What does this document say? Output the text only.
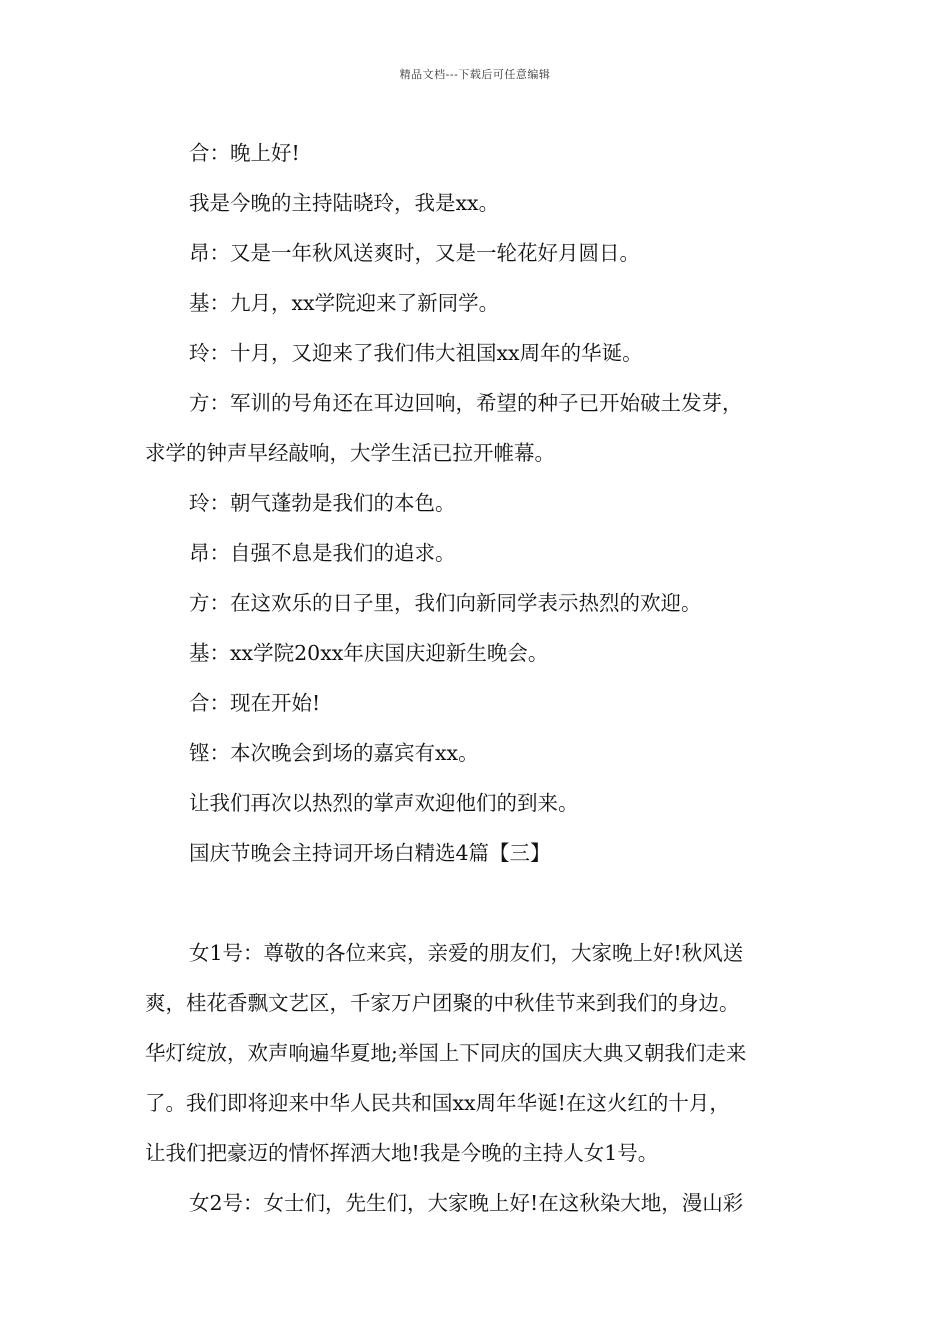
精品文档---下载后可任意编辑
合：晚上好!
我是今晚的主持陆晓玲，我是xx。
昂：又是一年秋风送爽时，又是一轮花好月圆日。
基：九月，xx学院迎来了新同学。
玲：十月，又迎来了我们伟大祖国xx周年的华诞。
方：军训的号角还在耳边回响，希望的种子已开始破土发芽，
求学的钟声早经敲响，大学生活已拉开帷幕。
玲：朝气蓬勃是我们的本色。
昂：自强不息是我们的追求。
方：在这欢乐的日子里，我们向新同学表示热烈的欢迎。
基：xx学院20xx年庆国庆迎新生晚会。
合：现在开始!
铿：本次晚会到场的嘉宾有xx。
让我们再次以热烈的掌声欢迎他们的到来。
国庆节晚会主持词开场白精选4篇【三】
女1号：尊敬的各位来宾，亲爱的朋友们，大家晚上好!秋风送
爽，桂花香飘文艺区，千家万户团聚的中秋佳节来到我们的身边。
华灯绽放，欢声响遍华夏地;举国上下同庆的国庆大典又朝我们走来
了。我们即将迎来中华人民共和国xx周年华诞!在这火红的十月，
让我们把豪迈的情怀挥洒大地!我是今晚的主持人女1号。
女2号：女士们，先生们，大家晚上好!在这秋染大地，漫山彩
